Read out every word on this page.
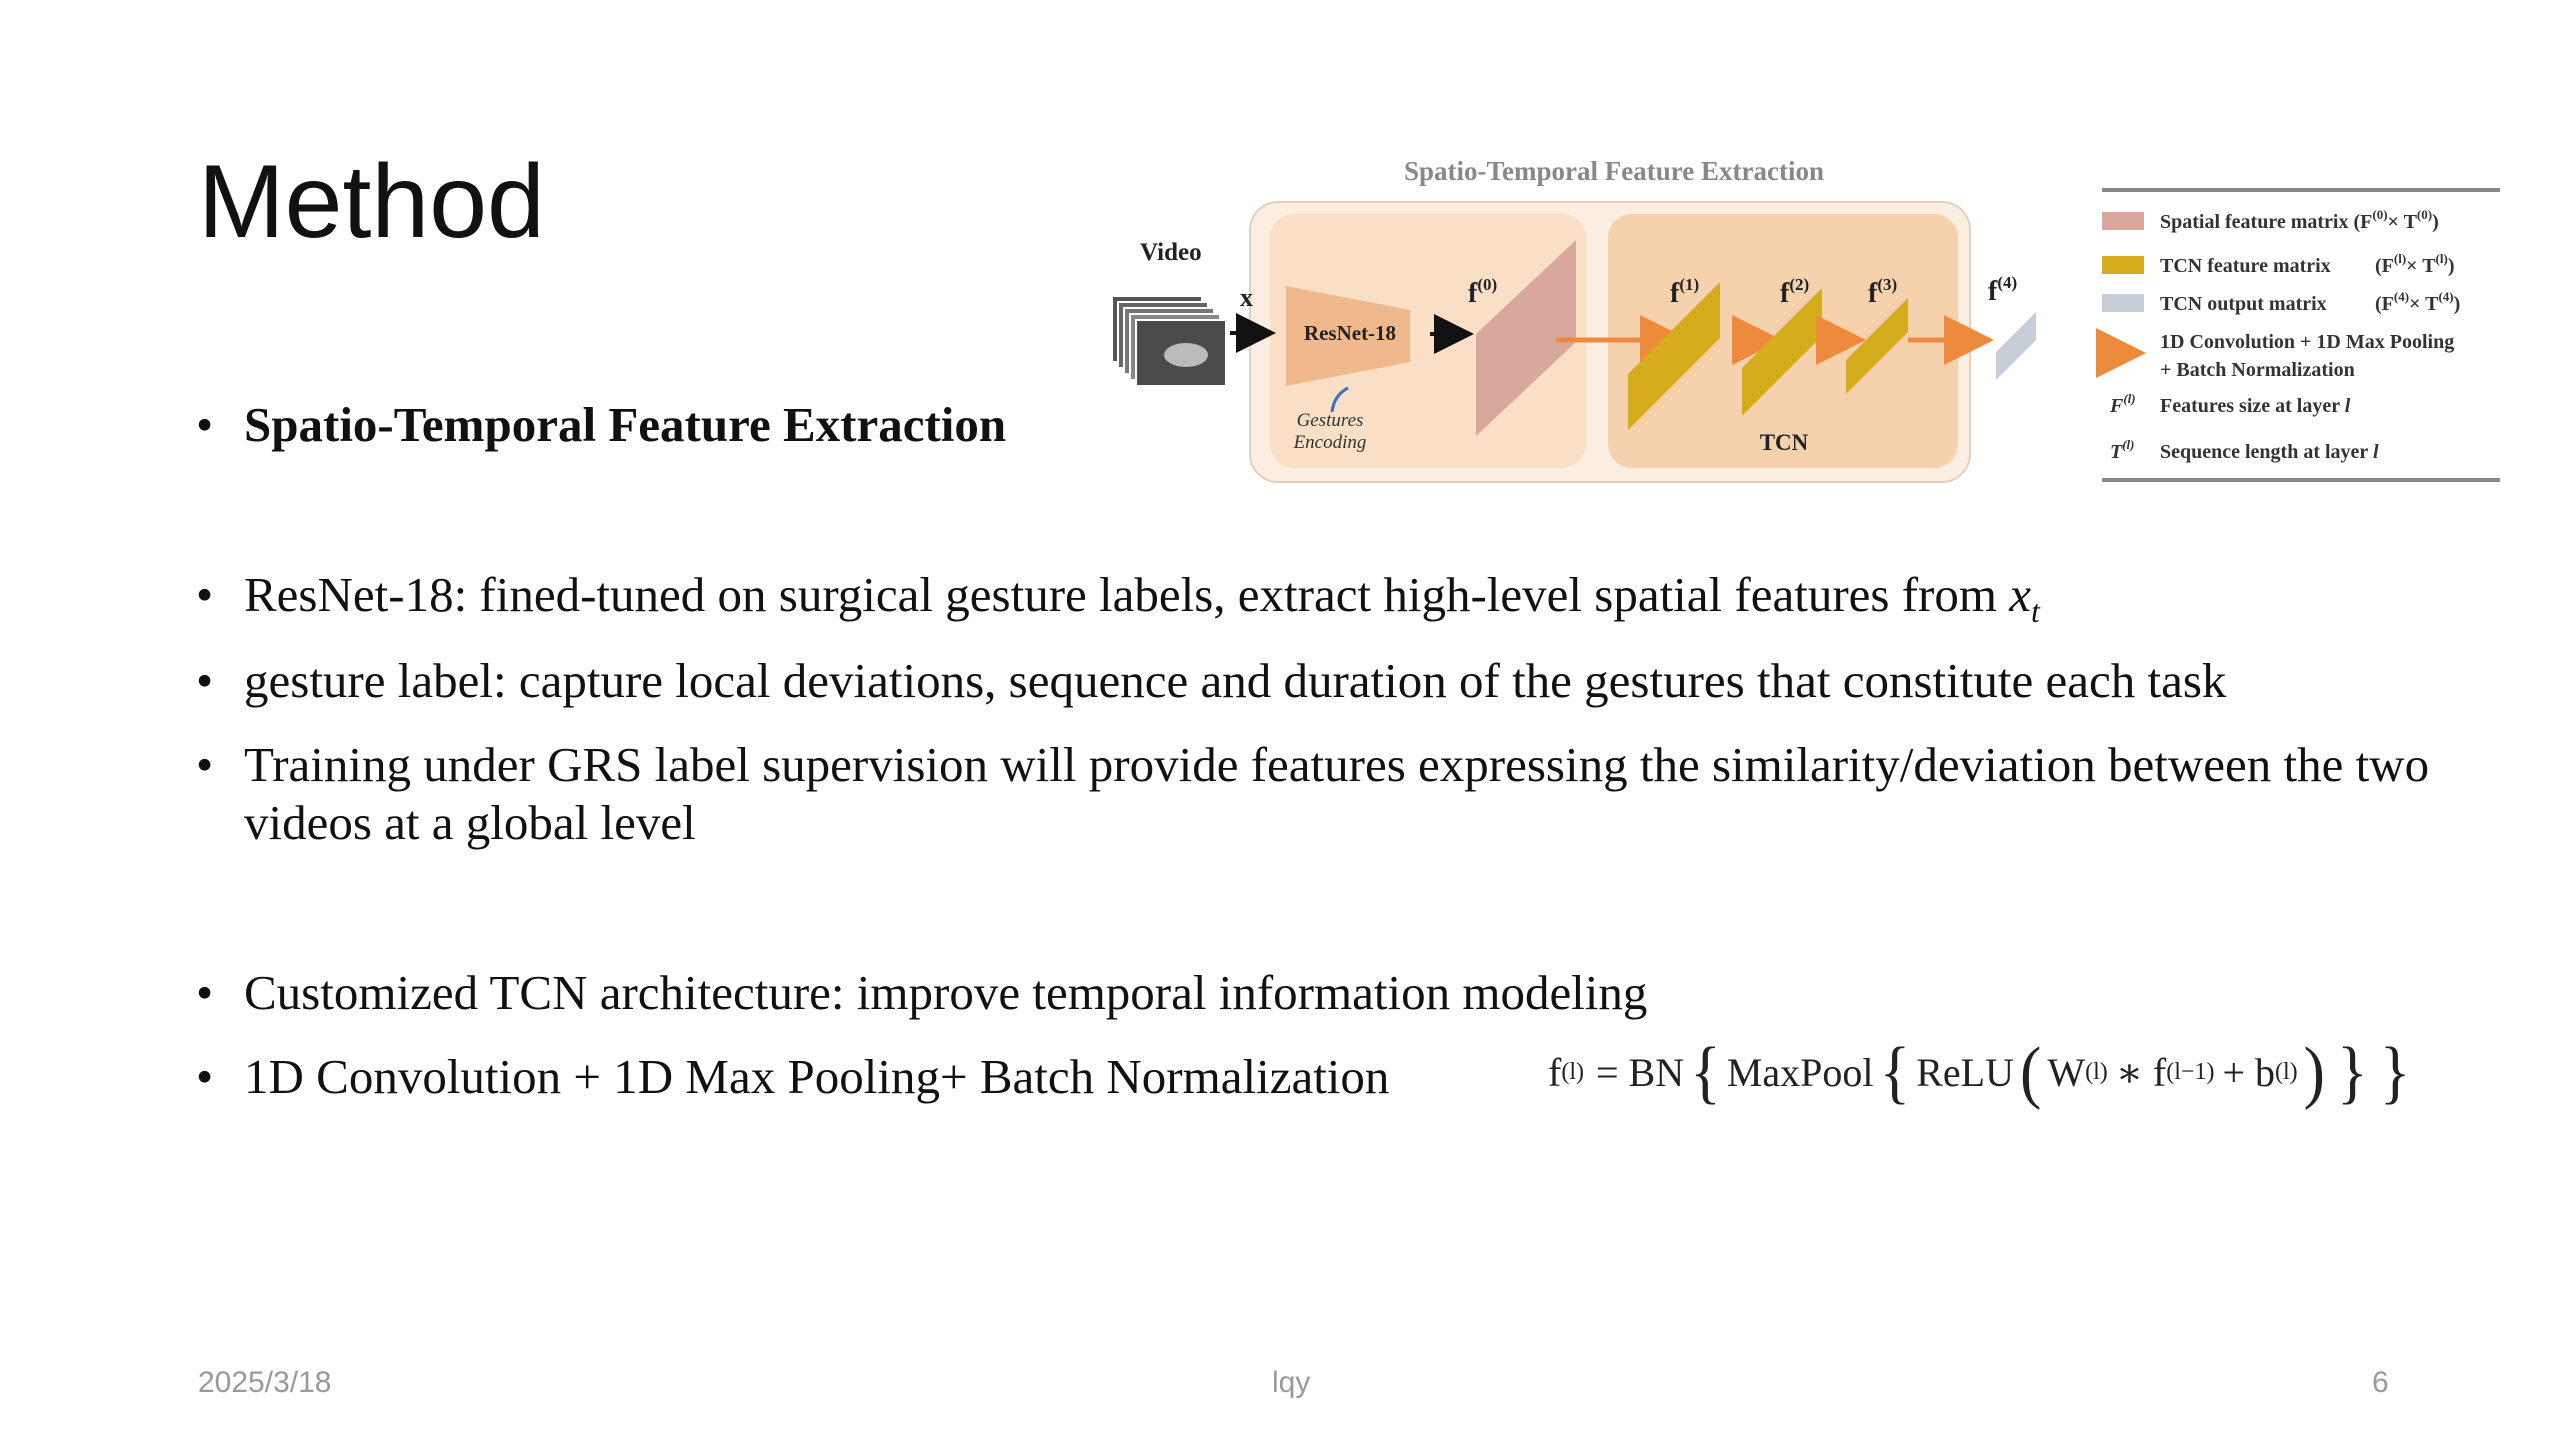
Method	Spatio-Temporal Feature Extraction
Video
x
ResNet-18
Gestures
Encoding
$f^{(0)}$	$f^{(1)}$	$f^{(2)}$ $f^{(3)}$
TCN
$f^{(4)}$
Spatial feature matrix $(F^{(0)}\times T^{(0)})$
TCN feature matrix $(F^{(l)}\times T^{(l)})$
TCN output matrix $(F^{(4)}\times T^{(4)})$
1D Convolution + 1D Max Pooling
+ Batch Normalization
$F^{(l)}$ Features size at layer l
$T^{(l)}$ Sequence length at layer l
• Spatio-Temporal Feature Extraction
• ResNet-18: fined-tuned on surgical gesture labels, extract high-level spatial features from $x_t$
• gesture label: capture local deviations, sequence and duration of the gestures that constitute each task
• Training under GRS label supervision will provide features expressing the similarity/deviation between the two videos at a global level
• Customized TCN architecture: improve temporal information modeling
• 1D Convolution + 1D Max Pooling+ Batch Normalization	f (l) = BN { MaxPool { ReLU ( W (l) ∗ f (l−1) + b (l) ) } }
2025/3/18	lqy	6
